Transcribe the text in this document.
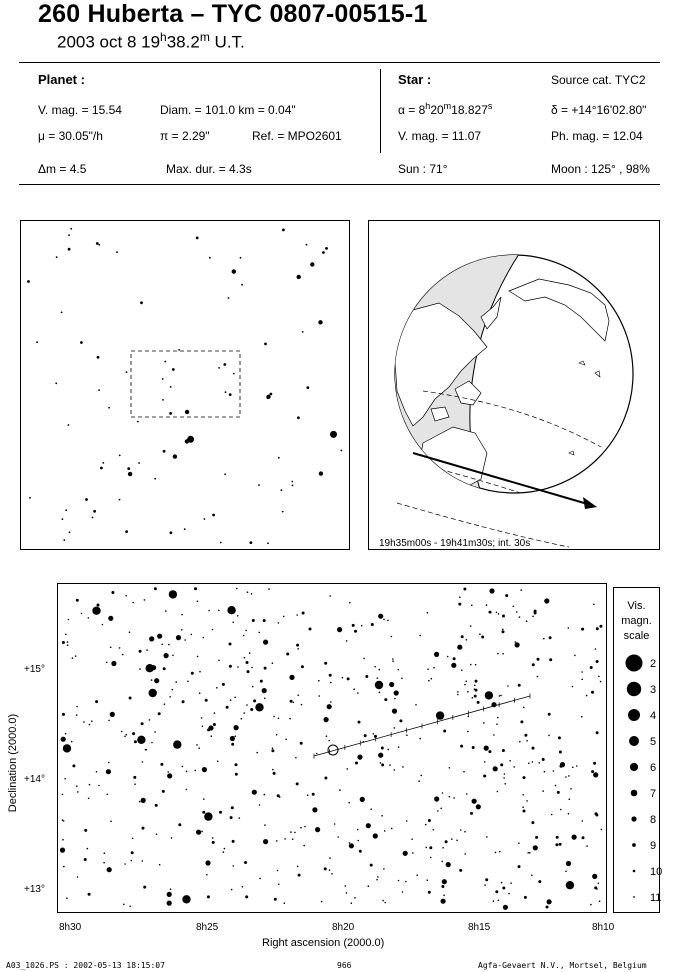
260 Huberta – TYC 0807-00515-1
2003 oct 8 19$^h$38.2$^m$ U.T.
Planet :
V. mag. = 15.54	Diam. = 101.0 km = 0.04"
μ = 30.05"/h	π = 2.29"	Ref. = MPO2601
Δm = 4.5	Max. dur. = 4.3s
Star :	Source cat. TYC2
$\alpha = 8^h20^m18.827^s$	δ = +14°16'02.80"
V. mag. = 11.07	Ph. mag. = 12.04
Sun : 71°	Moon : 125° , 98%
19h35m00s - 19h41m30s; int. 30s
8h30	8h25	8h20	8h15	8h10
+15°
+14°
+13°
Right ascension (2000.0)
Declination (2000.0)
Vis.
magn.
scale
2
3
4
5
6
7
8
9
10
11
A03_1026.PS : 2002-05-13 18:15:07	966	Agfa-Gevaert N.V., Mortsel, Belgium
